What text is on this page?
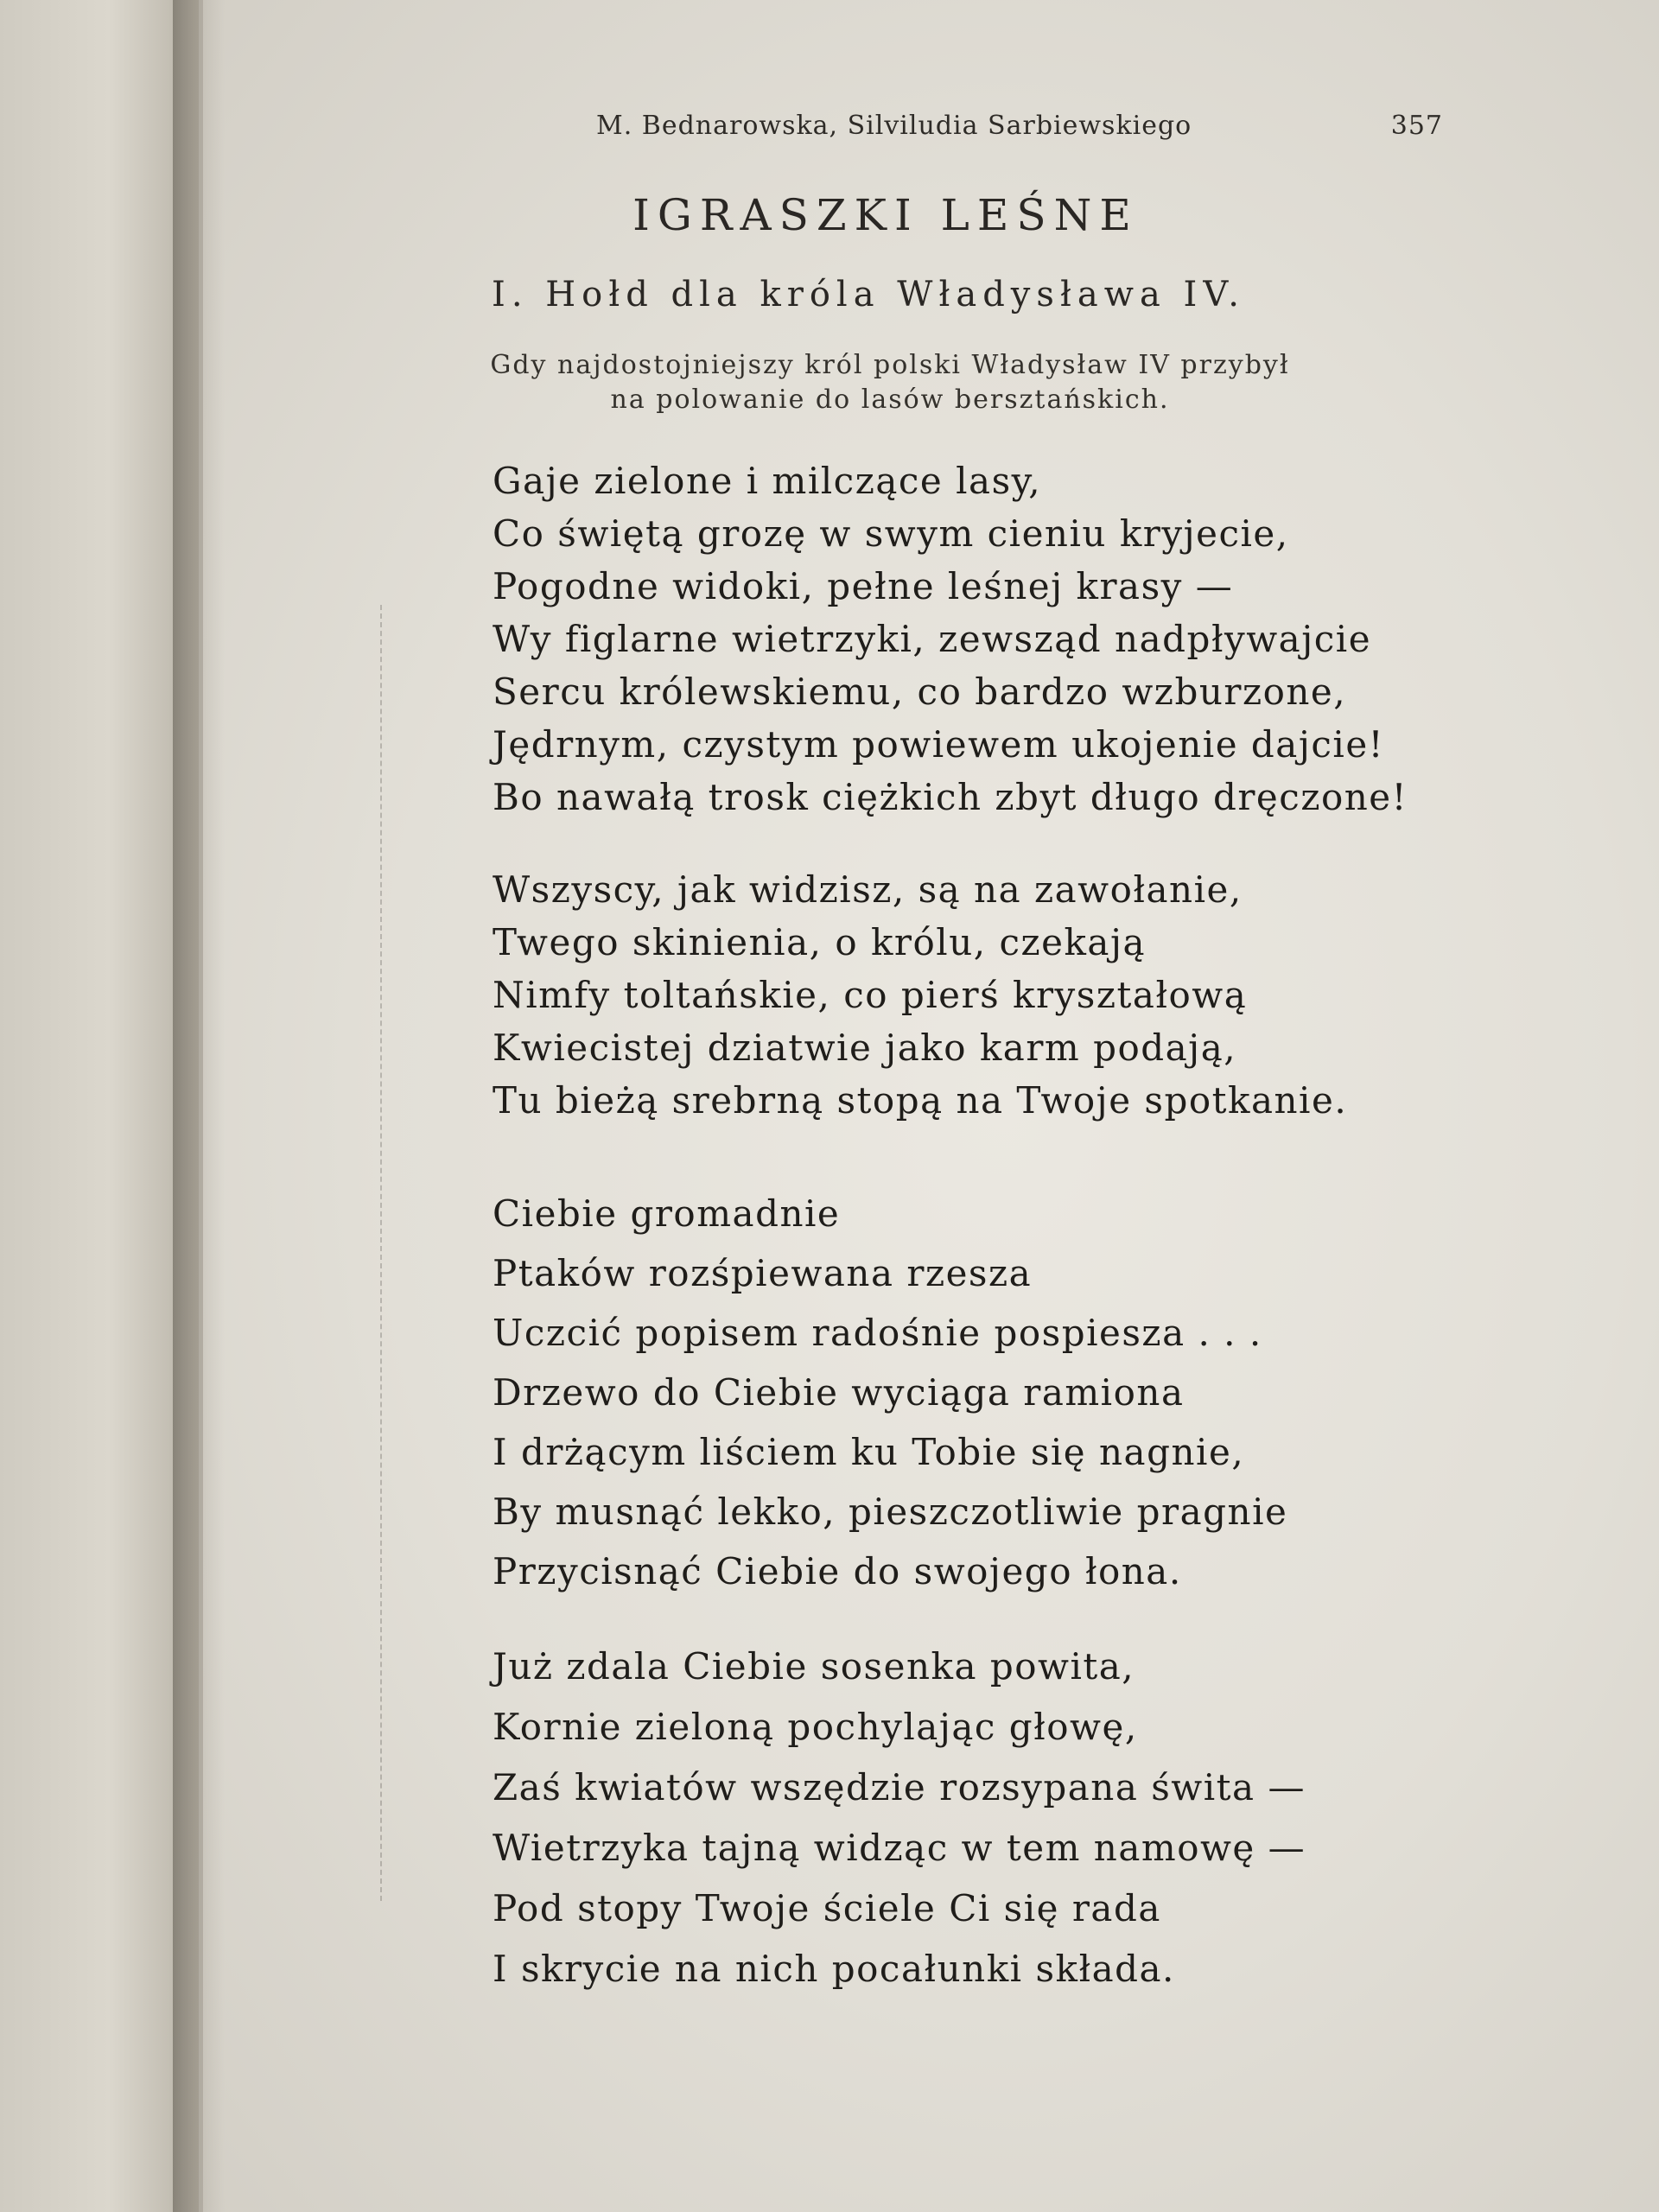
M. Bednarowska, Silviludia Sarbiewskiego	357
IGRASZKI LEŚNE
I. Hołd dla króla Władysława IV.
Gdy najdostojniejszy król polski Władysław IV przybył
na polowanie do lasów bersztańskich.
Gaje zielone i milczące lasy,
Co świętą grozę w swym cieniu kryjecie,
Pogodne widoki, pełne leśnej krasy —
Wy figlarne wietrzyki, zewsząd nadpływajcie
Sercu królewskiemu, co bardzo wzburzone,
Jędrnym, czystym powiewem ukojenie dajcie!
Bo nawałą trosk ciężkich zbyt długo dręczone!
Wszyscy, jak widzisz, są na zawołanie,
Twego skinienia, o królu, czekają
Nimfy toltańskie, co pierś kryształową
Kwiecistej dziatwie jako karm podają,
Tu bieżą srebrną stopą na Twoje spotkanie.
Ciebie gromadnie
Ptaków rozśpiewana rzesza
Uczcić popisem radośnie pospiesza . . .
Drzewo do Ciebie wyciąga ramiona
I drżącym liściem ku Tobie się nagnie,
By musnąć lekko, pieszczotliwie pragnie
Przycisnąć Ciebie do swojego łona.
Już zdala Ciebie sosenka powita,
Kornie zieloną pochylając głowę,
Zaś kwiatów wszędzie rozsypana świta —
Wietrzyka tajną widząc w tem namowę —
Pod stopy Twoje ściele Ci się rada
I skrycie na nich pocałunki składa.
